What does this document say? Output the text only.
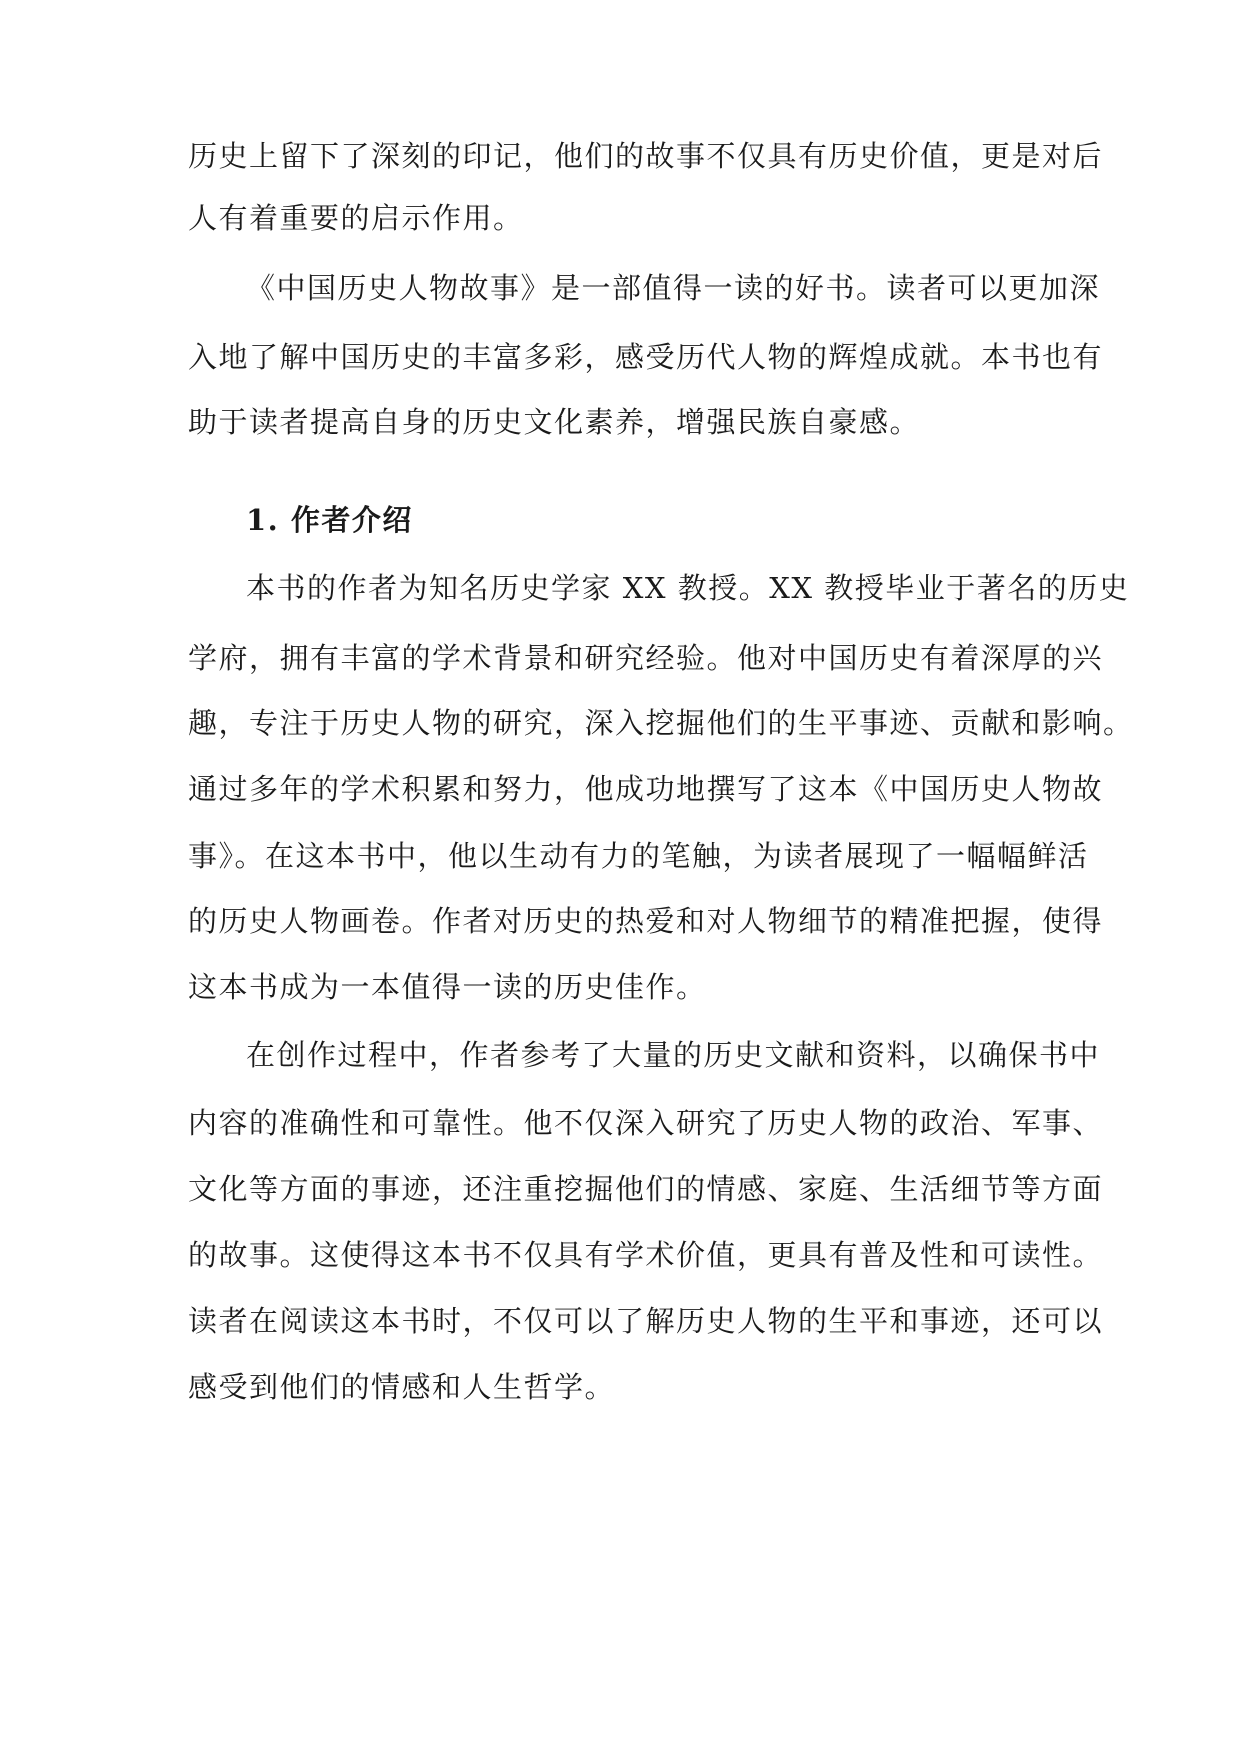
历史上留下了深刻的印记，他们的故事不仅具有历史价值，更是对后
人有着重要的启示作用。
《中国历史人物故事》是一部值得一读的好书。读者可以更加深
入地了解中国历史的丰富多彩，感受历代人物的辉煌成就。本书也有
助于读者提高自身的历史文化素养，增强民族自豪感。
1. 作者介绍
本书的作者为知名历史学家 XX 教授。XX 教授毕业于著名的历史
学府，拥有丰富的学术背景和研究经验。他对中国历史有着深厚的兴
趣，专注于历史人物的研究，深入挖掘他们的生平事迹、贡献和影响。
通过多年的学术积累和努力，他成功地撰写了这本《中国历史人物故
事》。在这本书中，他以生动有力的笔触，为读者展现了一幅幅鲜活
的历史人物画卷。作者对历史的热爱和对人物细节的精准把握，使得
这本书成为一本值得一读的历史佳作。
在创作过程中，作者参考了大量的历史文献和资料，以确保书中
内容的准确性和可靠性。他不仅深入研究了历史人物的政治、军事、
文化等方面的事迹，还注重挖掘他们的情感、家庭、生活细节等方面
的故事。这使得这本书不仅具有学术价值，更具有普及性和可读性。
读者在阅读这本书时，不仅可以了解历史人物的生平和事迹，还可以
感受到他们的情感和人生哲学。
